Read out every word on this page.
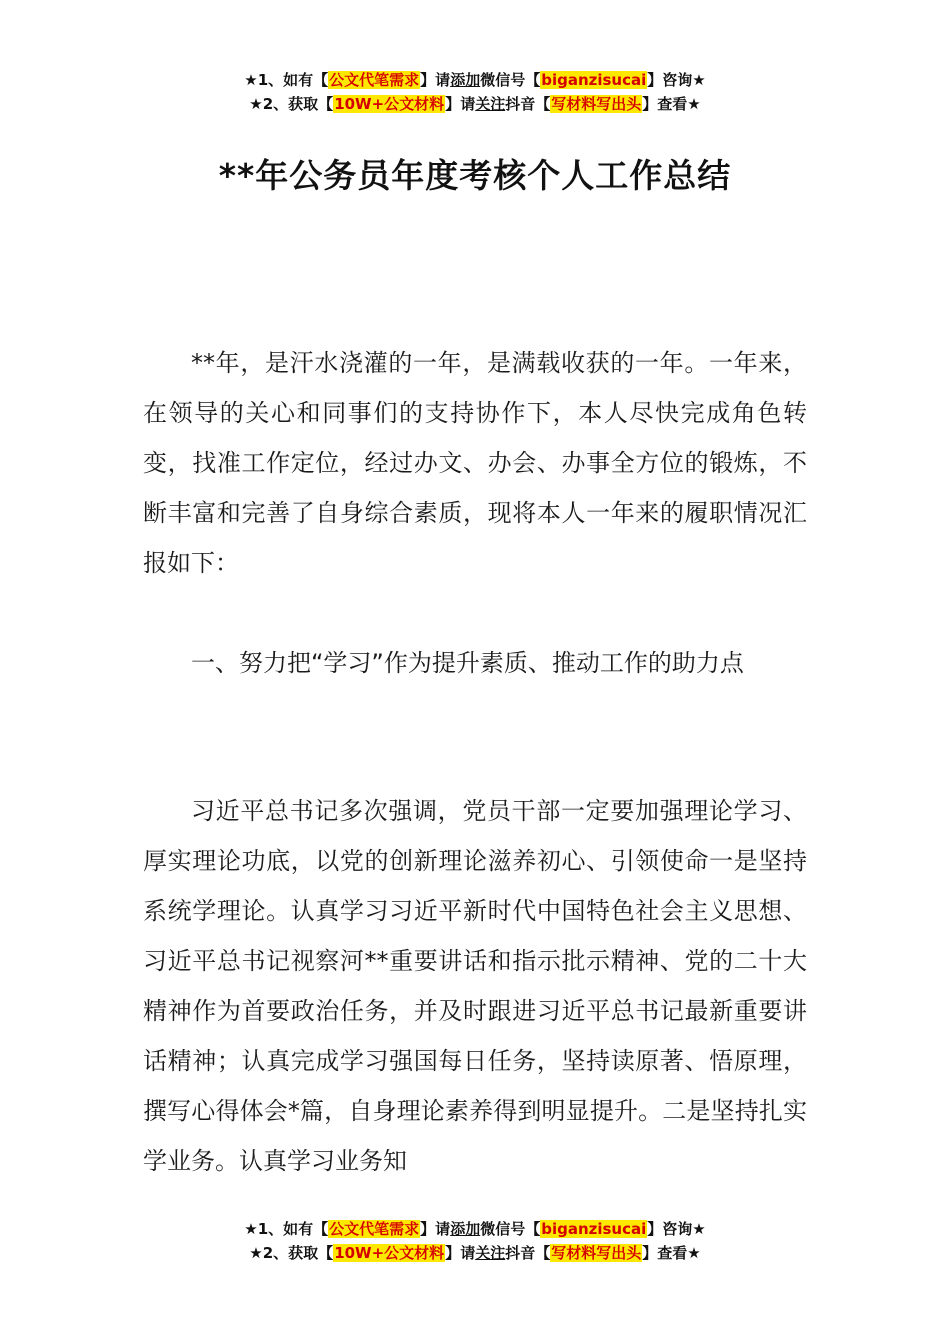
★1、如有【公文代笔需求】请添加微信号【biganzisucai】咨询★
★2、获取【10W+公文材料】请关注抖音【写材料写出头】查看★
**年公务员年度考核个人工作总结

**年，是汗水浇灌的一年，是满载收获的一年。一年来，在领导的关心和同事们的支持协作下，本人尽快完成角色转变，找准工作定位，经过办文、办会、办事全方位的锻炼，不断丰富和完善了自身综合素质，现将本人一年来的履职情况汇报如下：

一、努力把“学习”作为提升素质、推动工作的助力点

习近平总书记多次强调，党员干部一定要加强理论学习、厚实理论功底，以党的创新理论滋养初心、引领使命一是坚持系统学理论。认真学习习近平新时代中国特色社会主义思想、习近平总书记视察河**重要讲话和指示批示精神、党的二十大精神作为首要政治任务，并及时跟进习近平总书记最新重要讲话精神；认真完成学习强国每日任务，坚持读原著、悟原理，撰写心得体会*篇，自身理论素养得到明显提升。二是坚持扎实学业务。认真学习业务知

★1、如有【公文代笔需求】请添加微信号【biganzisucai】咨询★
★2、获取【10W+公文材料】请关注抖音【写材料写出头】查看★
